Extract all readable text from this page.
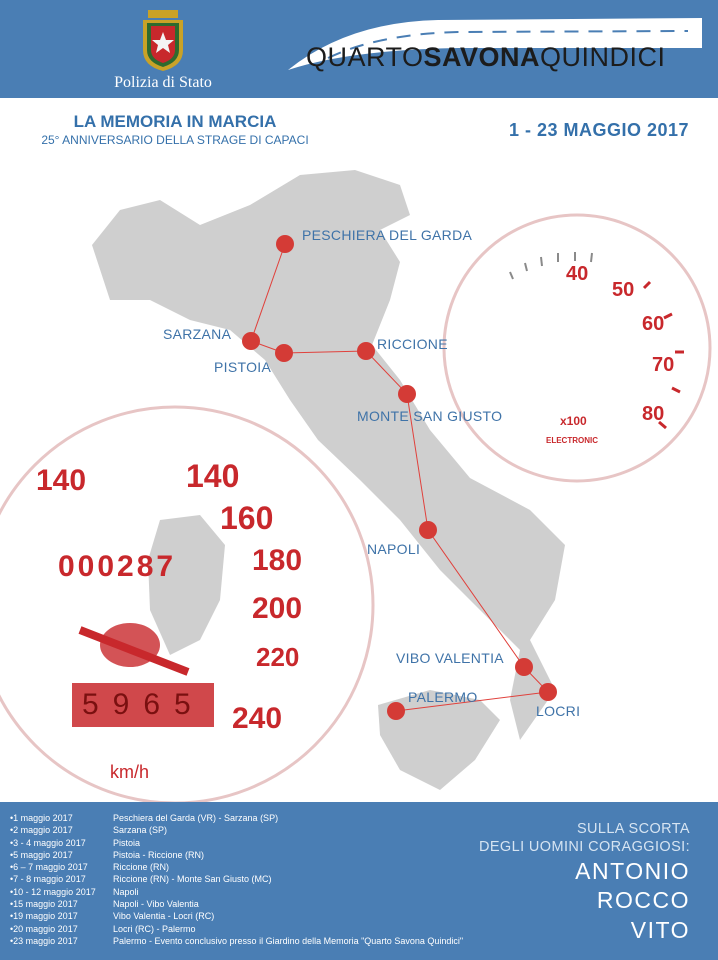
Polizia di Stato
QUARTOSAVONAQUINDICI
LA MEMORIA IN MARCIA
25° ANNIVERSARIO DELLA STRAGE DI CAPACI	1 - 23 MAGGIO 2017
40
50
60
70
80
x100
ELECTRONIC
140	140
160
180
200
220
240
000287
5965
km/h
PESCHIERA DEL GARDA
SARZANA
PISTOIA
RICCIONE
MONTE SAN GIUSTO
NAPOLI
VIBO VALENTIA
LOCRI
PALERMO
•1 maggio 2017	Peschiera del Garda (VR) - Sarzana (SP)
•2 maggio 2017	Sarzana (SP)
•3 - 4 maggio 2017	Pistoia
•5 maggio 2017	Pistoia - Riccione (RN)
•6 – 7 maggio 2017	Riccione (RN)
•7 - 8 maggio 2017	Riccione (RN) - Monte San Giusto (MC)
•10 - 12 maggio 2017	Napoli
•15 maggio 2017	Napoli - Vibo Valentia
•19 maggio 2017	Vibo Valentia - Locri (RC)
•20 maggio 2017	Locri (RC) - Palermo
•23 maggio 2017	Palermo - Evento conclusivo presso il Giardino della Memoria "Quarto Savona Quindici"
SULLA SCORTA
DEGLI UOMINI CORAGGIOSI:
ANTONIO
ROCCO
VITO
